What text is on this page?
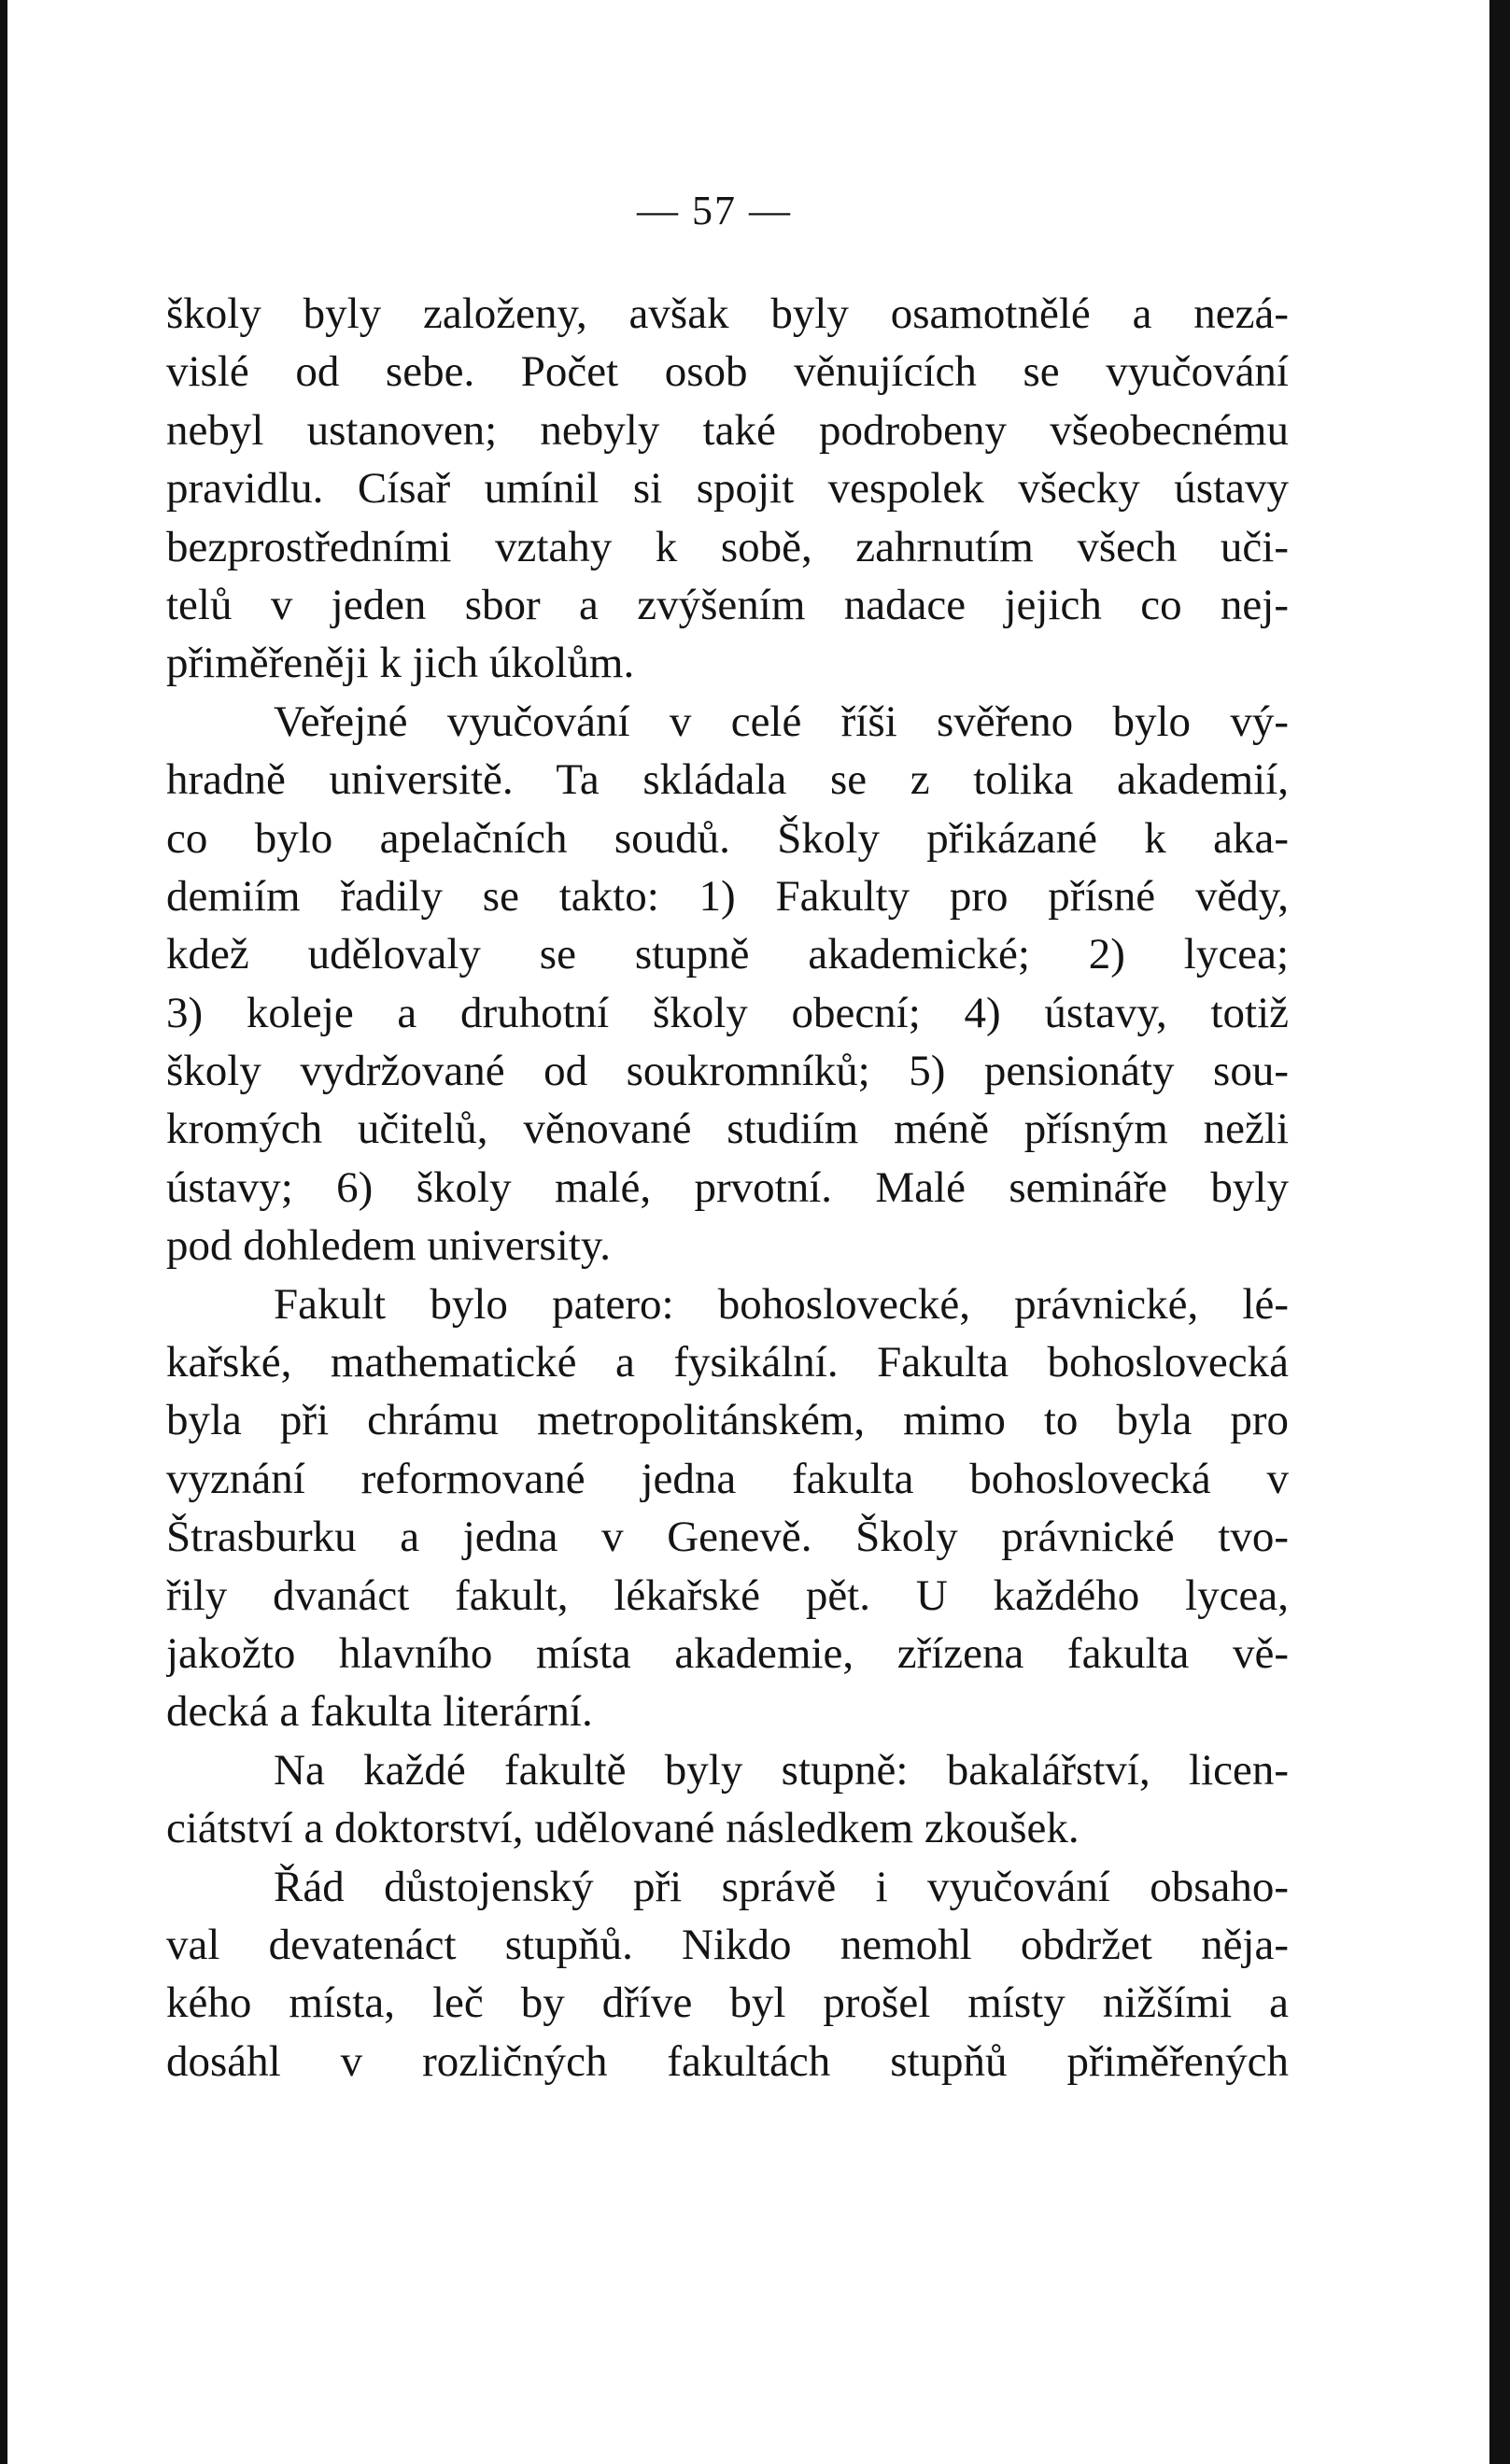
— 57 —
školy byly založeny, avšak byly osamotnělé a nezá-
vislé od sebe. Počet osob věnujících se vyučování
nebyl ustanoven; nebyly také podrobeny všeobecnému
pravidlu. Císař umínil si spojit vespolek všecky ústavy
bezprostředními vztahy k sobě, zahrnutím všech uči-
telů v jeden sbor a zvýšením nadace jejich co nej-
přiměřeněji k jich úkolům.
Veřejné vyučování v celé říši svěřeno bylo vý-
hradně universitě. Ta skládala se z tolika akademií,
co bylo apelačních soudů. Školy přikázané k aka-
demiím řadily se takto: 1) Fakulty pro přísné vědy,
kdež udělovaly se stupně akademické; 2) lycea;
3) koleje a druhotní školy obecní; 4) ústavy, totiž
školy vydržované od soukromníků; 5) pensionáty sou-
kromých učitelů, věnované studiím méně přísným nežli
ústavy; 6) školy malé, prvotní. Malé semináře byly
pod dohledem university.
Fakult bylo patero: bohoslovecké, právnické, lé-
kařské, mathematické a fysikální. Fakulta bohoslovecká
byla při chrámu metropolitánském, mimo to byla pro
vyznání reformované jedna fakulta bohoslovecká v
Štrasburku a jedna v Genevě. Školy právnické tvo-
řily dvanáct fakult, lékařské pět. U každého lycea,
jakožto hlavního místa akademie, zřízena fakulta vě-
decká a fakulta literární.
Na každé fakultě byly stupně: bakalářství, licen-
ciátství a doktorství, udělované následkem zkoušek.
Řád důstojenský při správě i vyučování obsaho-
val devatenáct stupňů. Nikdo nemohl obdržet něja-
kého místa, leč by dříve byl prošel místy nižšími a
dosáhl v rozličných fakultách stupňů přiměřených
